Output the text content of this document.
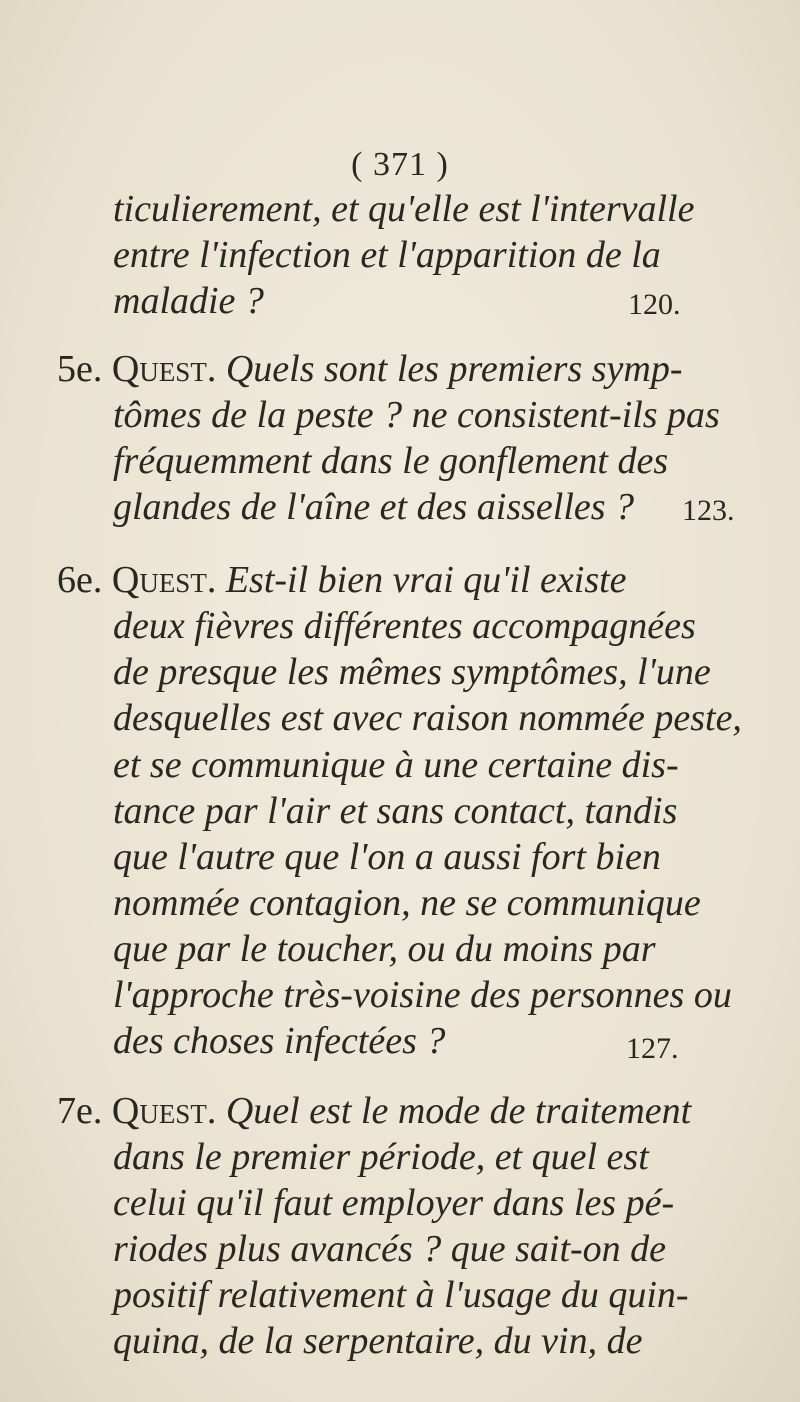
( 371 )
ticulierement, et qu'elle est l'intervalle
entre l'infection et l'apparition de la
maladie ?	120.
5e. Quest. Quels sont les premiers symp-
tômes de la peste ? ne consistent-ils pas
fréquemment dans le gonflement des
glandes de l'aîne et des aisselles ? 123.
6e. Quest. Est-il bien vrai qu'il existe
deux fièvres différentes accompagnées
de presque les mêmes symptômes, l'une
desquelles est avec raison nommée peste,
et se communique à une certaine dis-
tance par l'air et sans contact, tandis
que l'autre que l'on a aussi fort bien
nommée contagion, ne se communique
que par le toucher, ou du moins par
l'approche très-voisine des personnes ou
des choses infectées ?	127.
7e. Quest. Quel est le mode de traitement
dans le premier période, et quel est
celui qu'il faut employer dans les pé-
riodes plus avancés ? que sait-on de
positif relativement à l'usage du quin-
quina, de la serpentaire, du vin, de
